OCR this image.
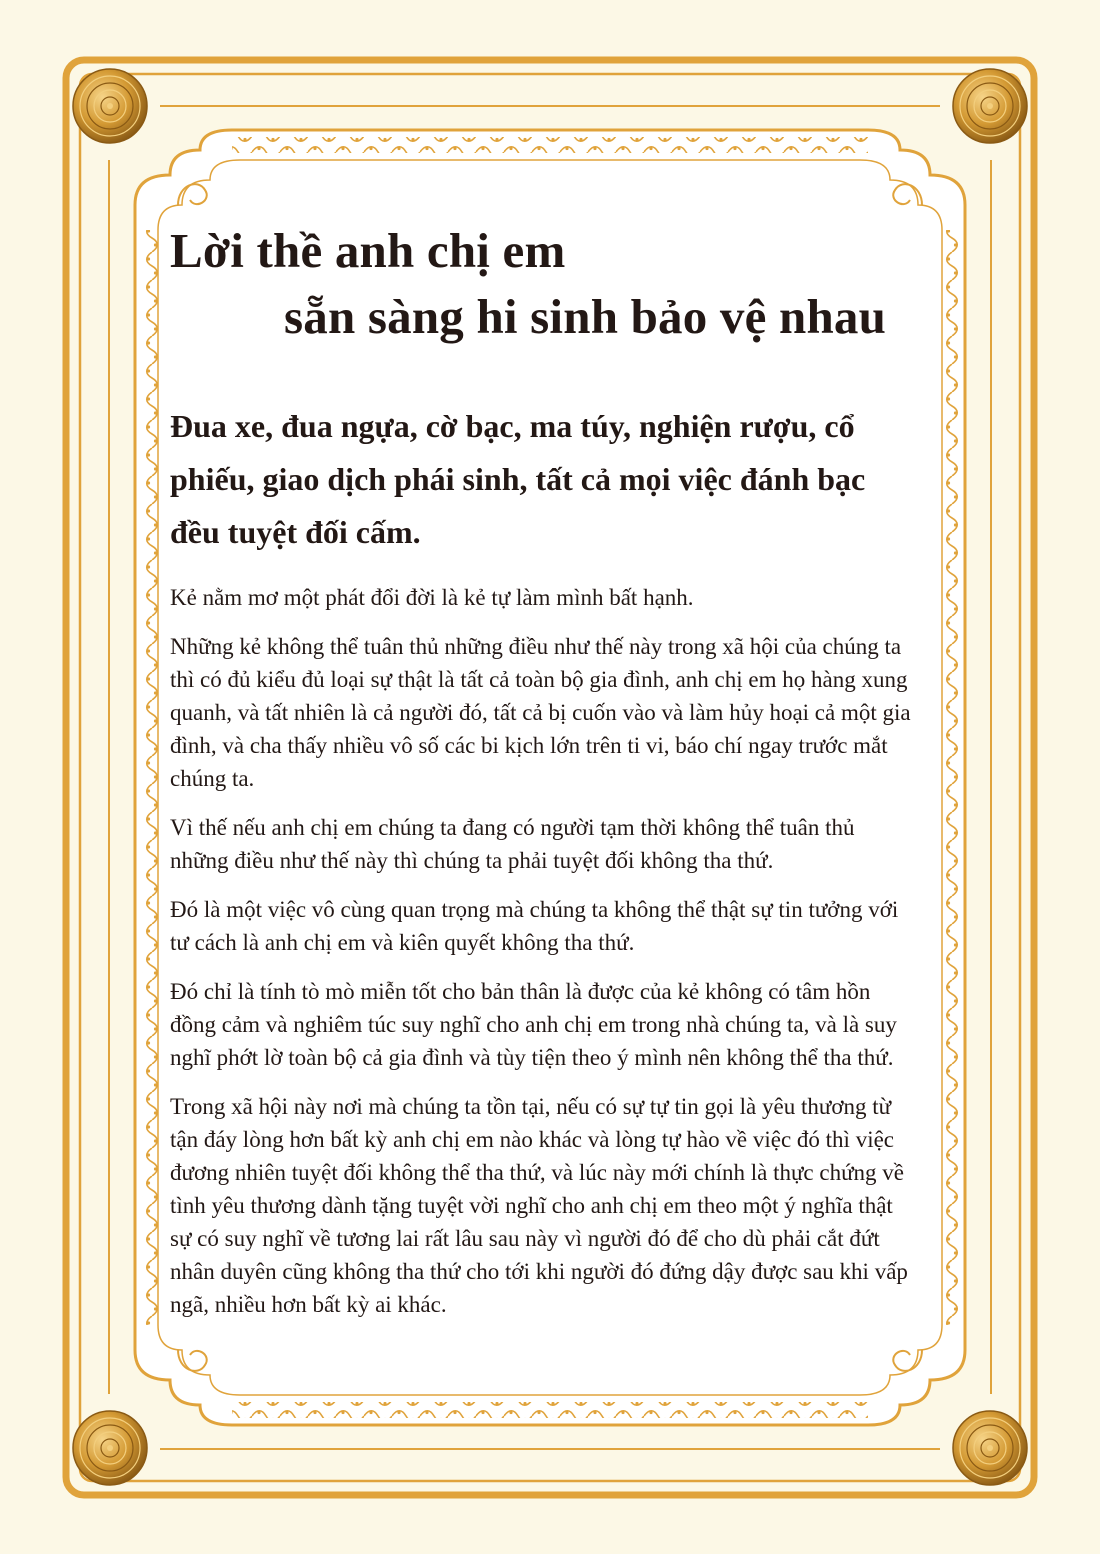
Lời thề anh chị em
sẵn sàng hi sinh bảo vệ nhau
Đua xe, đua ngựa, cờ bạc, ma túy, nghiện rượu, cổ phiếu, giao dịch phái sinh, tất cả mọi việc đánh bạc đều tuyệt đối cấm.

Kẻ nằm mơ một phát đổi đời là kẻ tự làm mình bất hạnh.

Những kẻ không thể tuân thủ những điều như thế này trong xã hội của chúng ta thì có đủ kiểu đủ loại sự thật là tất cả toàn bộ gia đình, anh chị em họ hàng xung quanh, và tất nhiên là cả người đó, tất cả bị cuốn vào và làm hủy hoại cả một gia đình, và cha thấy nhiều vô số các bi kịch lớn trên ti vi, báo chí ngay trước mắt chúng ta.

Vì thế nếu anh chị em chúng ta đang có người tạm thời không thể tuân thủ những điều như thế này thì chúng ta phải tuyệt đối không tha thứ.

Đó là một việc vô cùng quan trọng mà chúng ta không thể thật sự tin tưởng với tư cách là anh chị em và kiên quyết không tha thứ.

Đó chỉ là tính tò mò miễn tốt cho bản thân là được của kẻ không có tâm hồn đồng cảm và nghiêm túc suy nghĩ cho anh chị em trong nhà chúng ta, và là suy nghĩ phớt lờ toàn bộ cả gia đình và tùy tiện theo ý mình nên không thể tha thứ.

Trong xã hội này nơi mà chúng ta tồn tại, nếu có sự tự tin gọi là yêu thương từ tận đáy lòng hơn bất kỳ anh chị em nào khác và lòng tự hào về việc đó thì việc đương nhiên tuyệt đối không thể tha thứ, và lúc này mới chính là thực chứng về tình yêu thương dành tặng tuyệt vời nghĩ cho anh chị em theo một ý nghĩa thật sự có suy nghĩ về tương lai rất lâu sau này vì người đó để cho dù phải cắt đứt nhân duyên cũng không tha thứ cho tới khi người đó đứng dậy được sau khi vấp ngã, nhiều hơn bất kỳ ai khác.
